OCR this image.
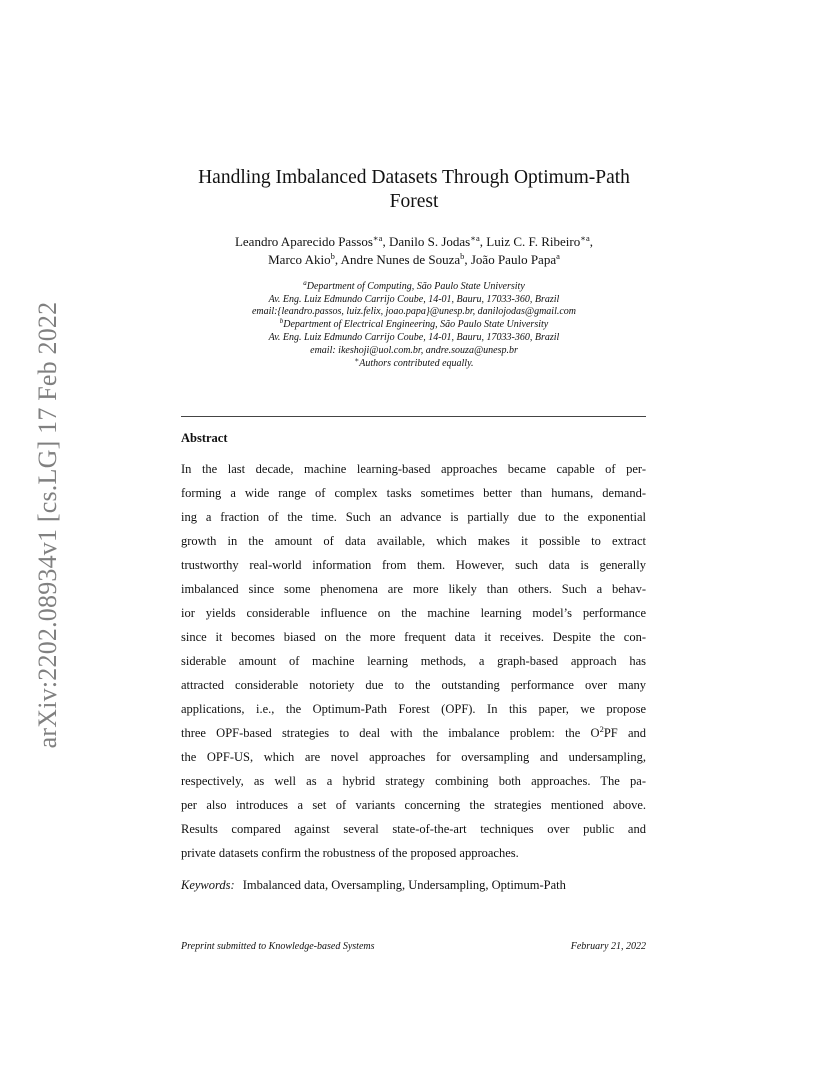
arXiv:2202.08934v1 [cs.LG] 17 Feb 2022
Handling Imbalanced Datasets Through Optimum-Path
Forest
Leandro Aparecido Passos$^{∗a}$, Danilo S. Jodas$^{∗a}$, Luiz C. F. Ribeiro$^{∗a}$,
Marco Akio$^b$, Andre Nunes de Souza$^b$, João Paulo Papa$^a$
$^a$Department of Computing, São Paulo State University
Av. Eng. Luiz Edmundo Carrijo Coube, 14-01, Bauru, 17033-360, Brazil
email:{leandro.passos, luiz.felix, joao.papa}@unesp.br, danilojodas@gmail.com
$^b$Department of Electrical Engineering, São Paulo State University
Av. Eng. Luiz Edmundo Carrijo Coube, 14-01, Bauru, 17033-360, Brazil
email: ikeshoji@uol.com.br, andre.souza@unesp.br
∗Authors contributed equally.
Abstract
In the last decade, machine learning-based approaches became capable of per-
forming a wide range of complex tasks sometimes better than humans, demand-
ing a fraction of the time. Such an advance is partially due to the exponential
growth in the amount of data available, which makes it possible to extract
trustworthy real-world information from them. However, such data is generally
imbalanced since some phenomena are more likely than others. Such a behav-
ior yields considerable influence on the machine learning model’s performance
since it becomes biased on the more frequent data it receives. Despite the con-
siderable amount of machine learning methods, a graph-based approach has
attracted considerable notoriety due to the outstanding performance over many
applications, i.e., the Optimum-Path Forest (OPF). In this paper, we propose
three OPF-based strategies to deal with the imbalance problem: the $O^2PF$ and
the OPF-US, which are novel approaches for oversampling and undersampling,
respectively, as well as a hybrid strategy combining both approaches. The pa-
per also introduces a set of variants concerning the strategies mentioned above.
Results compared against several state-of-the-art techniques over public and
private datasets confirm the robustness of the proposed approaches.
Keywords: Imbalanced data, Oversampling, Undersampling, Optimum-Path
Preprint submitted to Knowledge-based Systems	February 21, 2022
